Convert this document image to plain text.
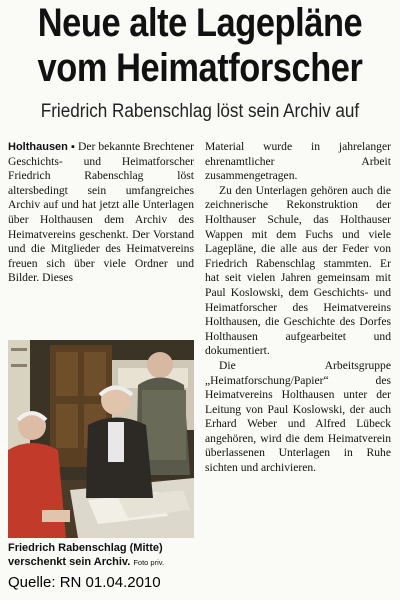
Neue alte Lagepläne
vom Heimatforscher
Friedrich Rabenschlag löst sein Archiv auf

Holthausen ▪ Der bekannte Brechtener Geschichts- und Heimatforscher Friedrich Rabenschlag löst altersbedingt sein umfangreiches Archiv auf und hat jetzt alle Unterlagen über Holthausen dem Archiv des Heimatvereins geschenkt. Der Vorstand und die Mitglieder des Heimatvereins freuen sich über viele Ordner und Bilder. Dieses

Friedrich Rabenschlag (Mitte)
verschenkt sein Archiv. Foto priv.

Material wurde in jahrelanger ehrenamtlicher Arbeit zusammengetragen.

Zu den Unterlagen gehören auch die zeichnerische Rekonstruktion der Holthauser Schule, das Holthauser Wappen mit dem Fuchs und viele Lagepläne, die alle aus der Feder von Friedrich Rabenschlag stammten. Er hat seit vielen Jahren gemeinsam mit Paul Koslowski, dem Geschichts- und Heimatforscher des Heimatvereins Holthausen, die Geschichte des Dorfes Holthausen aufgearbeitet und dokumentiert.

Die Arbeitsgruppe „Heimatforschung/Papier“ des Heimatvereins Holthausen unter der Leitung von Paul Koslowski, der auch Erhard Weber und Alfred Lübeck angehören, wird die dem Heimatverein überlassenen Unterlagen in Ruhe sichten und archivieren.

Quelle: RN 01.04.2010
